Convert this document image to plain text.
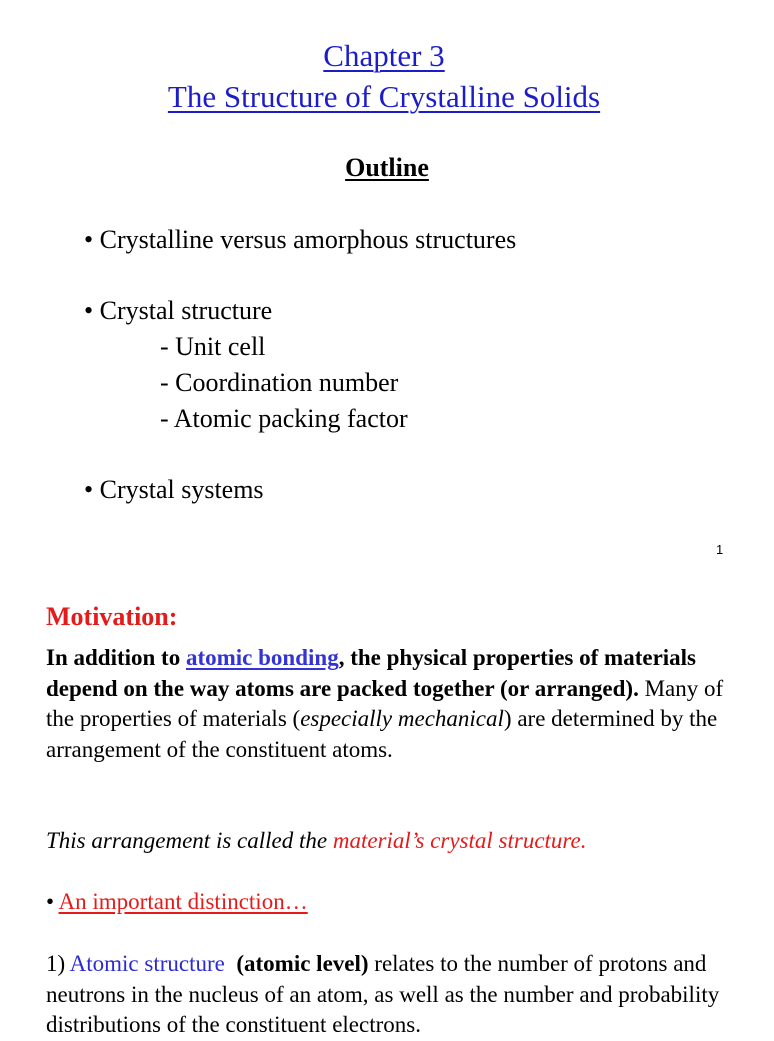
Chapter 3
The Structure of Crystalline Solids
Outline
• Crystalline versus amorphous structures
• Crystal structure
- Unit cell
- Coordination number
- Atomic packing factor
• Crystal systems
1
Motivation:
In addition to atomic bonding, the physical properties of materials depend on the way atoms are packed together (or arranged). Many of the properties of materials (especially mechanical) are determined by the arrangement of the constituent atoms.
This arrangement is called the material’s crystal structure.
• An important distinction…
1) Atomic structure (atomic level) relates to the number of protons and neutrons in the nucleus of an atom, as well as the number and probability distributions of the constituent electrons.
